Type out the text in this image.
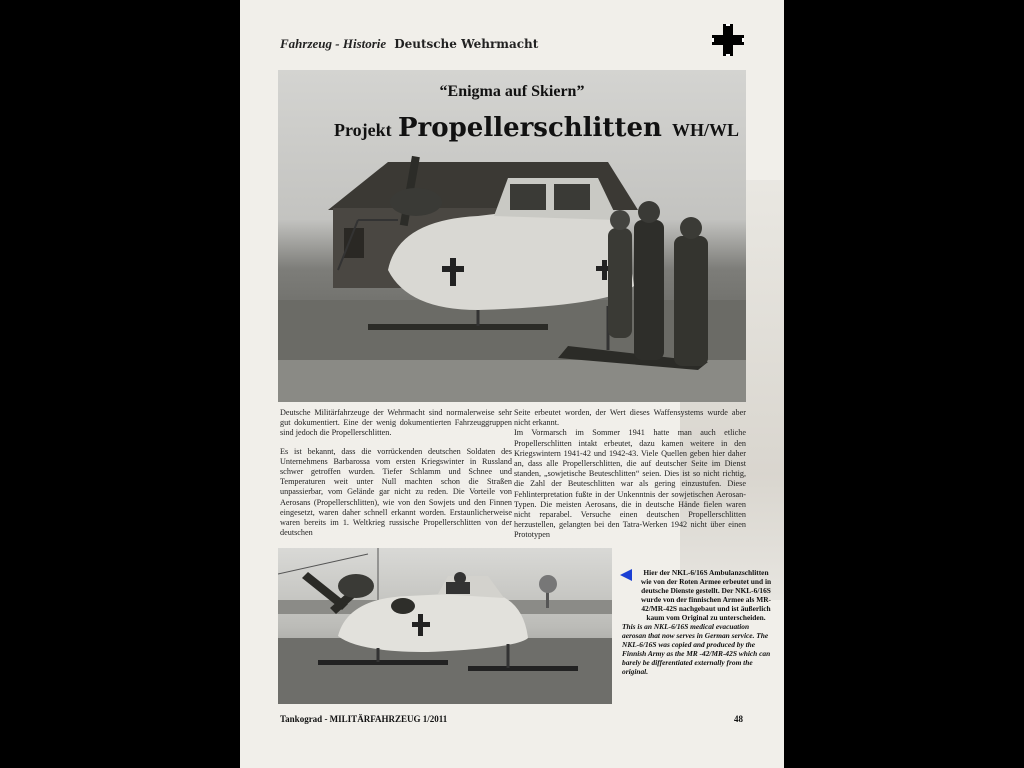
Fahrzeug - Historie Deutsche Wehrmacht
“Enigma auf Skiern”
Projekt Propellerschlitten WH/WL

Deutsche Militärfahrzeuge der Wehrmacht sind normalerweise sehr gut dokumentiert. Eine der wenig dokumentierten Fahrzeuggruppen sind jedoch die Propellerschlitten.

Es ist bekannt, dass die vorrückenden deutschen Soldaten des Unternehmens Barbarossa vom ersten Kriegswinter in Russland schwer getroffen wurden. Tiefer Schlamm und Schnee und Temperaturen weit unter Null machten schon die Straßen unpassierbar, vom Gelände gar nicht zu reden. Die Vorteile von Aerosans (Propellerschlitten), wie von den Sowjets und den Finnen eingesetzt, waren daher schnell erkannt worden. Erstaunlicherweise waren bereits im 1. Weltkrieg russische Propellerschlitten von der deutschen

Seite erbeutet worden, der Wert dieses Waffensystems wurde aber nicht erkannt.

Im Vormarsch im Sommer 1941 hatte man auch etliche Propellerschlitten intakt erbeutet, dazu kamen weitere in den Kriegswintern 1941-42 und 1942-43. Viele Quellen geben hier daher an, dass alle Propellerschlitten, die auf deutscher Seite im Dienst standen, „sowjetische Beuteschlitten“ seien. Dies ist so nicht richtig, die Zahl der Beuteschlitten war als gering einzustufen. Diese Fehlinterpretation fußte in der Unkenntnis der sowjetischen Aerosan-Typen. Die meisten Aerosans, die in deutsche Hände fielen waren nicht reparabel. Versuche einen deutschen Propellerschlitten herzustellen, gelangten bei den Tatra-Werken 1942 nicht über einen Prototypen

Hier der NKL-6/16S Ambulanzschlitten wie von der Roten Armee erbeutet und in deutsche Dienste gestellt. Der NKL-6/16S wurde von der finnischen Armee als MR-42/MR-42S nachgebaut und ist äußerlich kaum vom Original zu unterscheiden.
This is an NKL-6/16S medical evacuation aerosan that now serves in German service. The NKL-6/16S was copied and produced by the Finnish Army as the MR -42/MR-42S which can barely be differentiated externally from the original.
Tankograd - MILITÄRFAHRZEUG 1/2011	48
